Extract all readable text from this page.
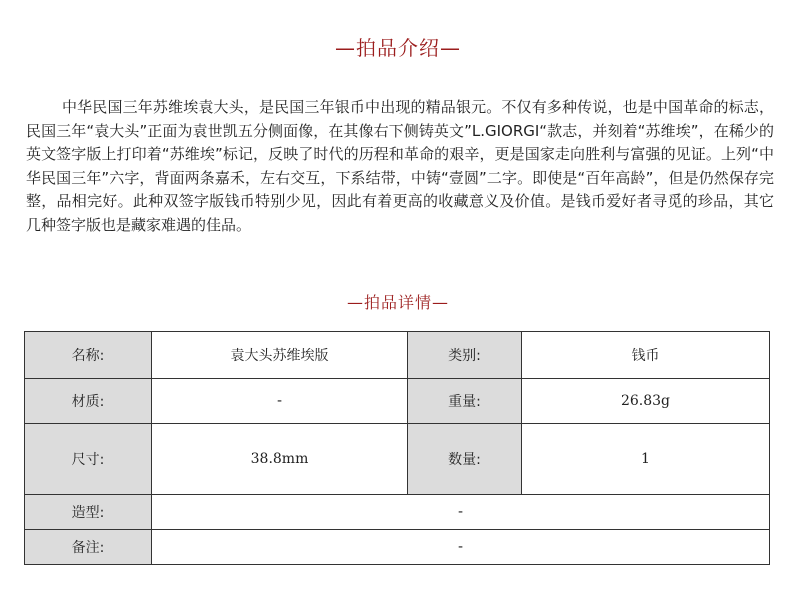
—拍品介绍—

中华民国三年苏维埃袁大头，是民国三年银币中出现的精品银元。不仅有多种传说，也是中国革命的标志，民国三年“袁大头”正面为袁世凯五分侧面像，在其像右下侧铸英文”L.GIORGI“款志，并刻着“苏维埃”，在稀少的英文签字版上打印着“苏维埃”标记，反映了时代的历程和革命的艰辛，更是国家走向胜利与富强的见证。上列“中华民国三年”六字，背面两条嘉禾，左右交互，下系结带，中铸“壹圆”二字。即使是“百年高龄”，但是仍然保存完整，品相完好。此种双签字版钱币特别少见，因此有着更高的收藏意义及价值。是钱币爱好者寻觅的珍品，其它几种签字版也是藏家难遇的佳品。

—拍品详情—
名称:	袁大头苏维埃版	类别:	钱币
材质:	-	重量:	26.83g
尺寸:	38.8mm	数量:	1
造型:	-		
备注:	-		
